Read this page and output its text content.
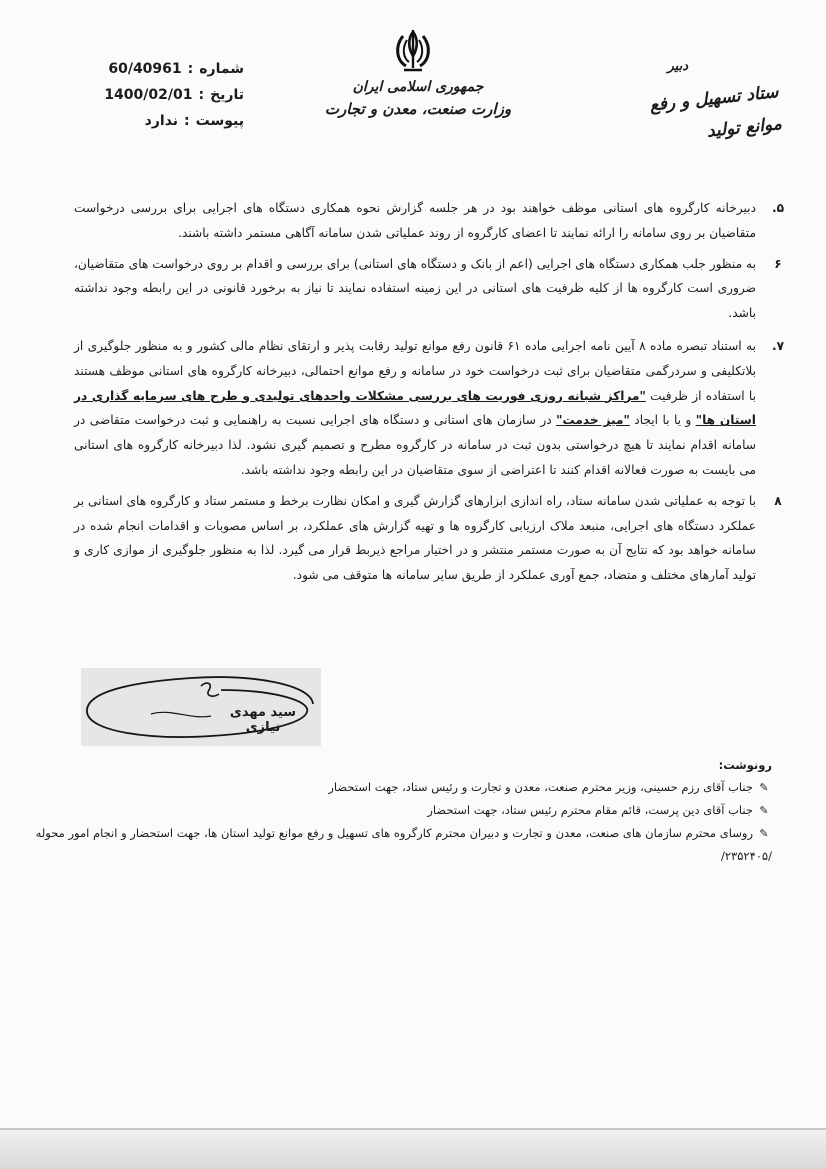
شماره:60/40961
تاریخ:1400/02/01
پیوست:ندارد
جمهوری اسلامی ایران
وزارت صنعت، معدن و تجارت
دبیر
ستاد تسهیل و رفع موانع تولید
۵.
دبیرخانه کارگروه های استانی موظف خواهند بود در هر جلسه گزارش نحوه همکاری دستگاه های اجرایی برای بررسی درخواست متقاضیان بر روی سامانه را ارائه نمایند تا اعضای کارگروه از روند عملیاتی شدن سامانه آگاهی مستمر داشته باشند.
۶
به منظور جلب همکاری دستگاه های اجرایی (اعم از بانک و دستگاه های استانی) برای بررسی و اقدام بر روی درخواست های متقاضیان، ضروری است کارگروه ها از کلیه ظرفیت های استانی در این زمینه استفاده نمایند تا نیاز به برخورد قانونی در این رابطه وجود نداشته باشد.
۷.
به استناد تبصره ماده ۸ آیین نامه اجرایی ماده ۶۱ قانون رفع موانع تولید رقابت پذیر و ارتقای نظام مالی کشور و به منظور جلوگیری از بلاتکلیفی و سردرگمی متقاضیان برای ثبت درخواست خود در سامانه و رفع موانع احتمالی، دبیرخانه کارگروه های استانی موظف هستند با استفاده از ظرفیت "مراکز شبانه روزی فوریت های بررسی مشکلات واحدهای تولیدی و طرح های سرمایه گذاری در استان ها" و یا با ایجاد "میز خدمت" در سازمان های استانی و دستگاه های اجرایی نسبت به راهنمایی و ثبت درخواست متقاضی در سامانه اقدام نمایند تا هیچ درخواستی بدون ثبت در سامانه در کارگروه مطرح و تصمیم گیری نشود. لذا دبیرخانه کارگروه های استانی می بایست به صورت فعالانه اقدام کنند تا اعتراضی از سوی متقاضیان در این رابطه وجود نداشته باشد.
۸
با توجه به عملیاتی شدن سامانه ستاد، راه اندازی ابزارهای گزارش گیری و امکان نظارت برخط و مستمر ستاد و کارگروه های استانی بر عملکرد دستگاه های اجرایی، منبعد ملاک ارزیابی کارگروه ها و تهیه گزارش های عملکرد، بر اساس مصوبات و اقدامات انجام شده در سامانه خواهد بود که نتایج آن به صورت مستمر منتشر و در اختیار مراجع ذیربط قرار می گیرد. لذا به منظور جلوگیری از موازی کاری و تولید آمارهای مختلف و متضاد، جمع آوری عملکرد از طریق سایر سامانه ها متوقف می شود.
سید مهدی نیازی
رونوشت:
✎جناب آقای رزم حسینی، وزیر محترم صنعت، معدن و تجارت و رئیس ستاد، جهت استحضار
✎جناب آقای دین پرست، قائم مقام محترم رئیس ستاد، جهت استحضار
✎روسای محترم سازمان های صنعت، معدن و تجارت و دبیران محترم کارگروه های تسهیل و رفع موانع تولید استان ها، جهت استحضار و انجام امور محوله
/۲۳۵۲۴۰۵/
